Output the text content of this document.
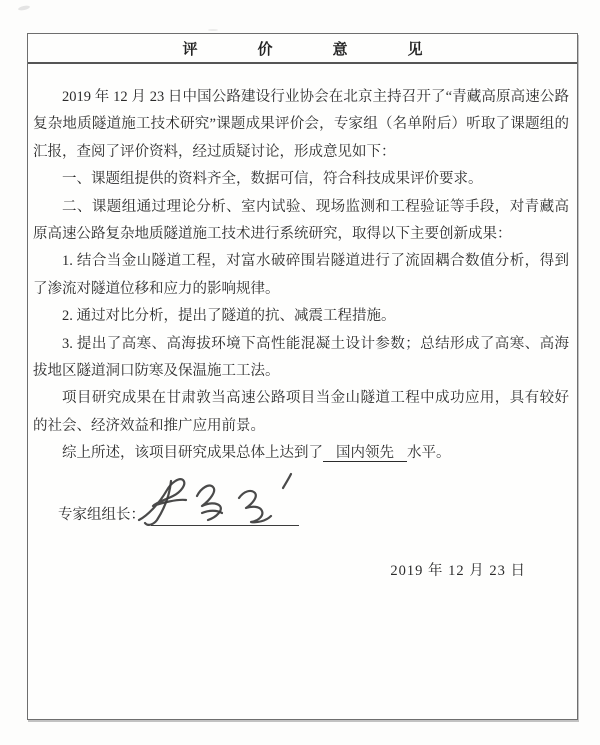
评价意见

2019 年 12 月 23 日中国公路建设行业协会在北京主持召开了“青藏高原高速公路复杂地质隧道施工技术研究”课题成果评价会，专家组（名单附后）听取了课题组的汇报，查阅了评价资料，经过质疑讨论，形成意见如下：

一、课题组提供的资料齐全，数据可信，符合科技成果评价要求。

二、课题组通过理论分析、室内试验、现场监测和工程验证等手段，对青藏高原高速公路复杂地质隧道施工技术进行系统研究，取得以下主要创新成果：

1. 结合当金山隧道工程，对富水破碎围岩隧道进行了流固耦合数值分析，得到了渗流对隧道位移和应力的影响规律。

2. 通过对比分析，提出了隧道的抗、减震工程措施。

3. 提出了高寒、高海拔环境下高性能混凝土设计参数；总结形成了高寒、高海拔地区隧道洞口防寒及保温施工工法。

项目研究成果在甘肃敦当高速公路项目当金山隧道工程中成功应用，具有较好的社会、经济效益和推广应用前景。

综上所述，该项目研究成果总体上达到了 国内领先 水平。

专家组组长：
2019 年 12 月 23 日
